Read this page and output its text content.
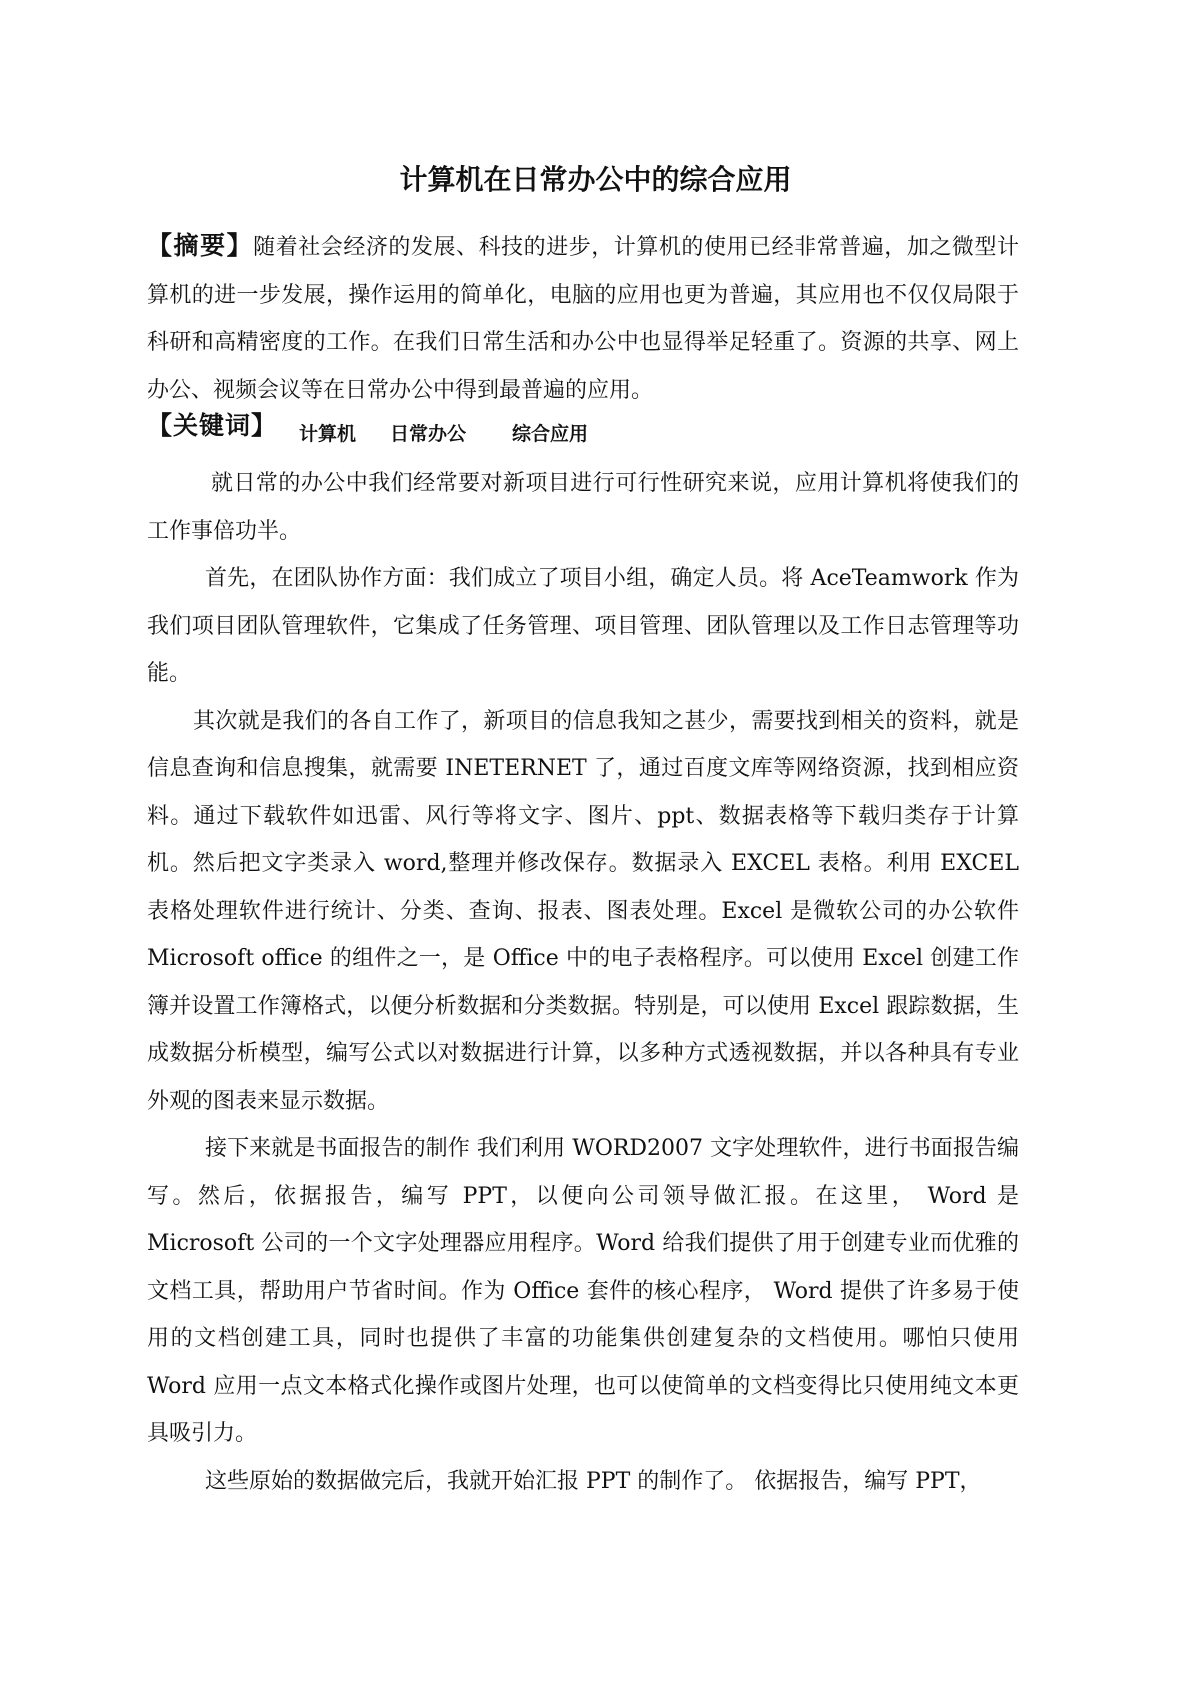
计算机在日常办公中的综合应用

【摘要】随着社会经济的发展、科技的进步，计算机的使用已经非常普遍，加之微型计算机的进一步发展，操作运用的简单化，电脑的应用也更为普遍，其应用也不仅仅局限于科研和高精密度的工作。在我们日常生活和办公中也显得举足轻重了。资源的共享、网上办公、视频会议等在日常办公中得到最普遍的应用。

【关键词】 计算机 日常办公 综合应用

就日常的办公中我们经常要对新项目进行可行性研究来说，应用计算机将使我们的工作事倍功半。

首先，在团队协作方面：我们成立了项目小组，确定人员。将 AceTeamwork 作为我们项目团队管理软件，它集成了任务管理、项目管理、团队管理以及工作日志管理等功能。

其次就是我们的各自工作了，新项目的信息我知之甚少，需要找到相关的资料，就是信息查询和信息搜集，就需要 INETERNET 了，通过百度文库等网络资源，找到相应资料。通过下载软件如迅雷、风行等将文字、图片、ppt、数据表格等下载归类存于计算机。然后把文字类录入 word,整理并修改保存。数据录入 EXCEL 表格。利用 EXCEL 表格处理软件进行统计、分类、查询、报表、图表处理。Excel 是微软公司的办公软件 Microsoft office 的组件之一，是 Office 中的电子表格程序。可以使用 Excel 创建工作簿并设置工作簿格式，以便分析数据和分类数据。特别是，可以使用 Excel 跟踪数据，生成数据分析模型，编写公式以对数据进行计算，以多种方式透视数据，并以各种具有专业外观的图表来显示数据。

接下来就是书面报告的制作 我们利用 WORD2007 文字处理软件，进行书面报告编写。然后，依据报告，编写 PPT，以便向公司领导做汇报。在这里， Word 是 Microsoft 公司的一个文字处理器应用程序。Word 给我们提供了用于创建专业而优雅的文档工具，帮助用户节省时间。作为 Office 套件的核心程序， Word 提供了许多易于使用的文档创建工具，同时也提供了丰富的功能集供创建复杂的文档使用。哪怕只使用 Word 应用一点文本格式化操作或图片处理，也可以使简单的文档变得比只使用纯文本更具吸引力。

这些原始的数据做完后，我就开始汇报 PPT 的制作了。 依据报告，编写 PPT，
